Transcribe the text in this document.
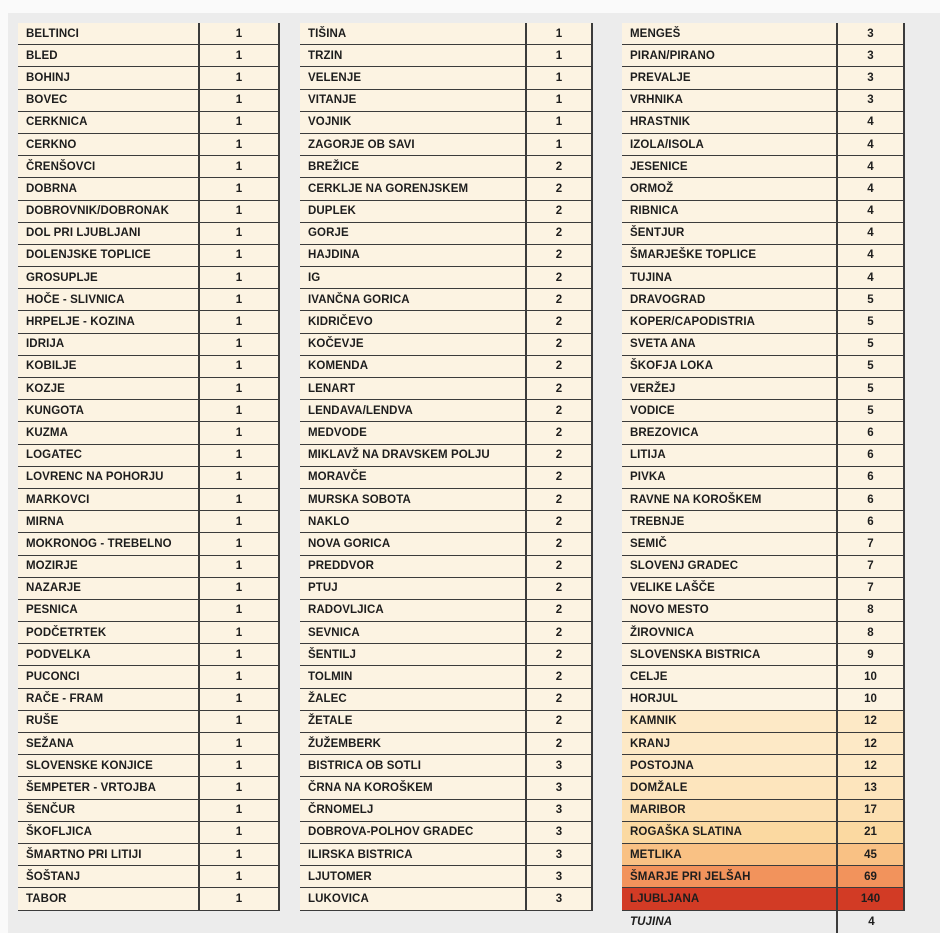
BELTINCI	1
BLED	1
BOHINJ	1
BOVEC	1
CERKNICA	1
CERKNO	1
ČRENŠOVCI	1
DOBRNA	1
DOBROVNIK/DOBRONAK	1
DOL PRI LJUBLJANI	1
DOLENJSKE TOPLICE	1
GROSUPLJE	1
HOČE - SLIVNICA	1
HRPELJE - KOZINA	1
IDRIJA	1
KOBILJE	1
KOZJE	1
KUNGOTA	1
KUZMA	1
LOGATEC	1
LOVRENC NA POHORJU	1
MARKOVCI	1
MIRNA	1
MOKRONOG - TREBELNO	1
MOZIRJE	1
NAZARJE	1
PESNICA	1
PODČETRTEK	1
PODVELKA	1
PUCONCI	1
RAČE - FRAM	1
RUŠE	1
SEŽANA	1
SLOVENSKE KONJICE	1
ŠEMPETER - VRTOJBA	1
ŠENČUR	1
ŠKOFLJICA	1
ŠMARTNO PRI LITIJI	1
ŠOŠTANJ	1
TABOR	1
TIŠINA	1
TRZIN	1
VELENJE	1
VITANJE	1
VOJNIK	1
ZAGORJE OB SAVI	1
BREŽICE	2
CERKLJE NA GORENJSKEM	2
DUPLEK	2
GORJE	2
HAJDINA	2
IG	2
IVANČNA GORICA	2
KIDRIČEVO	2
KOČEVJE	2
KOMENDA	2
LENART	2
LENDAVA/LENDVA	2
MEDVODE	2
MIKLAVŽ NA DRAVSKEM POLJU	2
MORAVČE	2
MURSKA SOBOTA	2
NAKLO	2
NOVA GORICA	2
PREDDVOR	2
PTUJ	2
RADOVLJICA	2
SEVNICA	2
ŠENTILJ	2
TOLMIN	2
ŽALEC	2
ŽETALE	2
ŽUŽEMBERK	2
BISTRICA OB SOTLI	3
ČRNA NA KOROŠKEM	3
ČRNOMELJ	3
DOBROVA-POLHOV GRADEC	3
ILIRSKA BISTRICA	3
LJUTOMER	3
LUKOVICA	3
MENGEŠ	3
PIRAN/PIRANO	3
PREVALJE	3
VRHNIKA	3
HRASTNIK	4
IZOLA/ISOLA	4
JESENICE	4
ORMOŽ	4
RIBNICA	4
ŠENTJUR	4
ŠMARJEŠKE TOPLICE	4
TUJINA	4
DRAVOGRAD	5
KOPER/CAPODISTRIA	5
SVETA ANA	5
ŠKOFJA LOKA	5
VERŽEJ	5
VODICE	5
BREZOVICA	6
LITIJA	6
PIVKA	6
RAVNE NA KOROŠKEM	6
TREBNJE	6
SEMIČ	7
SLOVENJ GRADEC	7
VELIKE LAŠČE	7
NOVO MESTO	8
ŽIROVNICA	8
SLOVENSKA BISTRICA	9
CELJE	10
HORJUL	10
KAMNIK	12
KRANJ	12
POSTOJNA	12
DOMŽALE	13
MARIBOR	17
ROGAŠKA SLATINA	21
METLIKA	45
ŠMARJE PRI JELŠAH	69
LJUBLJANA	140
TUJINA	4
